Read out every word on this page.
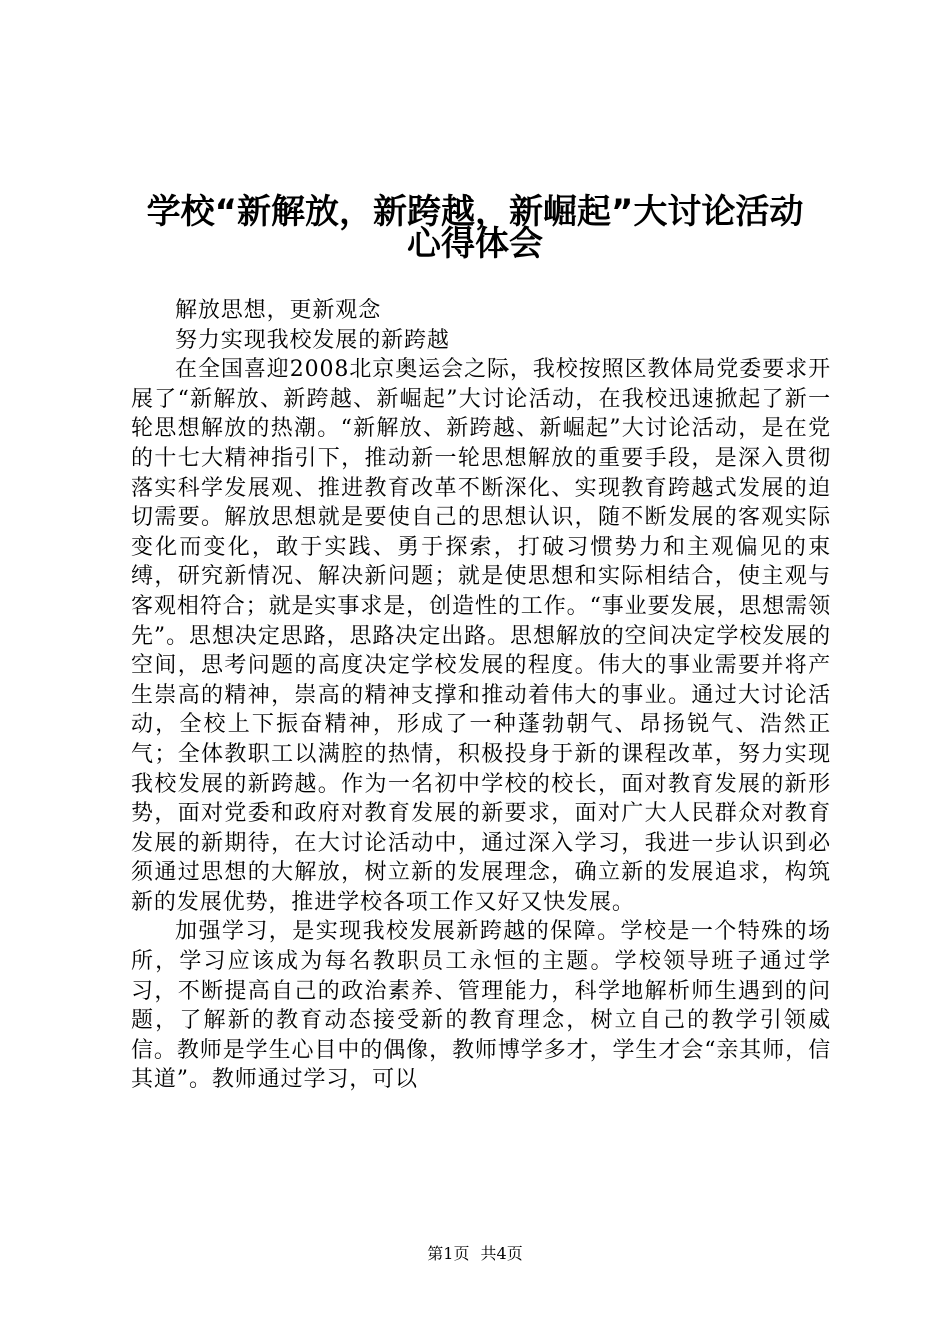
学校“新解放，新跨越，新崛起”大讨论活动
心得体会

解放思想，更新观念

努力实现我校发展的新跨越

在全国喜迎2008北京奥运会之际，我校按照区教体局党委要求开展了“新解放、新跨越、新崛起”大讨论活动，在我校迅速掀起了新一轮思想解放的热潮。“新解放、新跨越、新崛起”大讨论活动，是在党的十七大精神指引下，推动新一轮思想解放的重要手段，是深入贯彻落实科学发展观、推进教育改革不断深化、实现教育跨越式发展的迫切需要。解放思想就是要使自己的思想认识，随不断发展的客观实际变化而变化，敢于实践、勇于探索，打破习惯势力和主观偏见的束缚，研究新情况、解决新问题；就是使思想和实际相结合，使主观与客观相符合；就是实事求是，创造性的工作。“事业要发展，思想需领先”。思想决定思路，思路决定出路。思想解放的空间决定学校发展的空间，思考问题的高度决定学校发展的程度。伟大的事业需要并将产生崇高的精神，崇高的精神支撑和推动着伟大的事业。通过大讨论活动，全校上下振奋精神，形成了一种蓬勃朝气、昂扬锐气、浩然正气；全体教职工以满腔的热情，积极投身于新的课程改革，努力实现我校发展的新跨越。作为一名初中学校的校长，面对教育发展的新形势，面对党委和政府对教育发展的新要求，面对广大人民群众对教育发展的新期待，在大讨论活动中，通过深入学习，我进一步认识到必须通过思想的大解放，树立新的发展理念，确立新的发展追求，构筑新的发展优势，推进学校各项工作又好又快发展。

加强学习，是实现我校发展新跨越的保障。学校是一个特殊的场所，学习应该成为每名教职员工永恒的主题。学校领导班子通过学习，不断提高自己的政治素养、管理能力，科学地解析师生遇到的问题，了解新的教育动态接受新的教育理念，树立自己的教学引领威信。教师是学生心目中的偶像，教师博学多才，学生才会“亲其师，信其道”。教师通过学习，可以

第1页 共4页
